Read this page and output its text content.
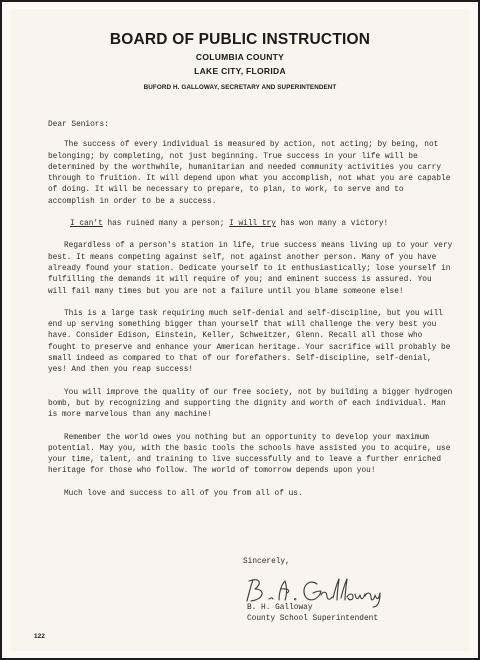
BOARD OF PUBLIC INSTRUCTION
COLUMBIA COUNTY
LAKE CITY, FLORIDA
BUFORD H. GALLOWAY, SECRETARY AND SUPERINTENDENT

Dear Seniors:

The success of every individual is measured by action, not acting; by being, not belonging; by completing, not just beginning. True success in your life will be determined by the worthwhile, humanitarian and needed community activities you carry through to fruition. It will depend upon what you accomplish, not what you are capable of doing. It will be necessary to prepare, to plan, to work, to serve and to accomplish in order to be a success.

I can't has ruined many a person; I will try has won many a victory!

Regardless of a person's station in life, true success means living up to your very best. It means competing against self, not against another person. Many of you have already found your station. Dedicate yourself to it enthusiastically; lose yourself in fulfilling the demands it will require of you; and eminent success is assured. You will fail many times but you are not a failure until you blame someone else!

This is a large task requiring much self-denial and self-discipline, but you will end up serving something bigger than yourself that will challenge the very best you have. Consider Edison, Einstein, Keller, Schweitzer, Glenn. Recall all those who fought to preserve and enhance your American heritage. Your sacrifice will probably be small indeed as compared to that of our forefathers. Self-discipline, self-denial, yes! And then you reap success!

You will improve the quality of our free society, not by building a bigger hydrogen bomb, but by recognizing and supporting the dignity and worth of each individual. Man is more marvelous than any machine!

Remember the world owes you nothing but an opportunity to develop your maximum potential. May you, with the basic tools the schools have assisted you to acquire, use your time, talent, and training to live successfully and to leave a further enriched heritage for those who follow. The world of tomorrow depends upon you!

Much love and success to all of you from all of us.

Sincerely,
B. H. Galloway
County School Superintendent
122
